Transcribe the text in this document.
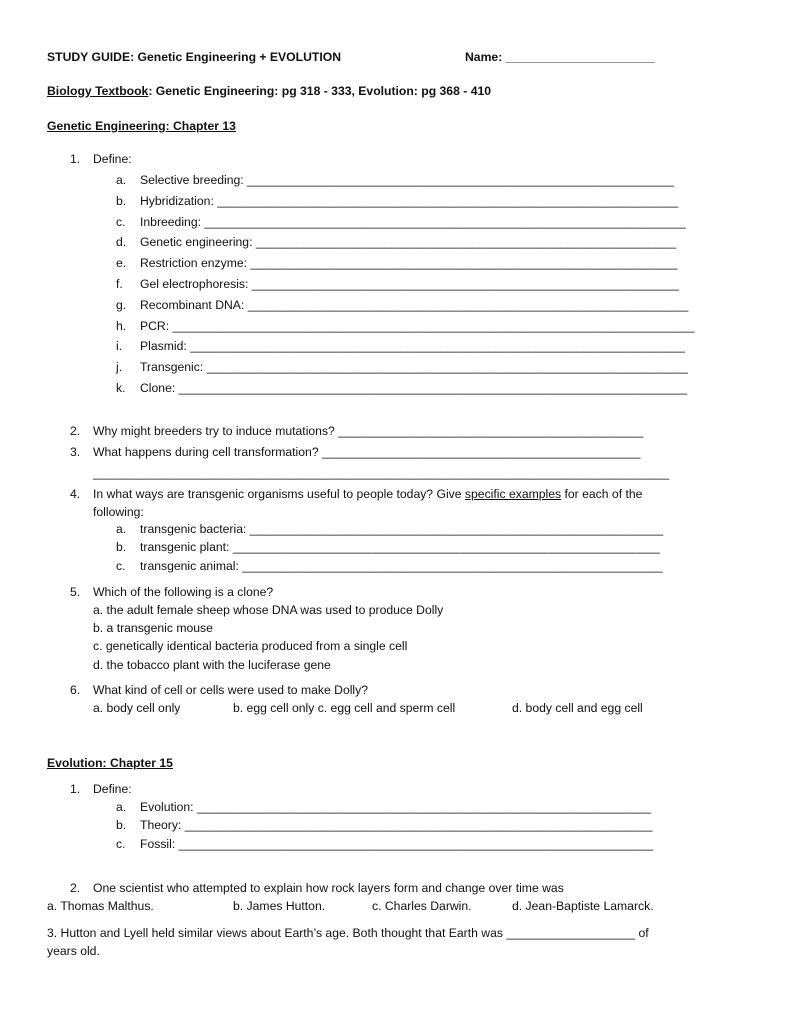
STUDY GUIDE: Genetic Engineering + EVOLUTION	Name: ______________________
Biology Textbook: Genetic Engineering: pg 318 - 333, Evolution: pg 368 - 410
Genetic Engineering: Chapter 13
1. Define:
a. Selective breeding: _______________________________________________________________
b. Hybridization: ____________________________________________________________________
c. Inbreeding: _______________________________________________________________________
d. Genetic engineering: ______________________________________________________________
e. Restriction enzyme: _______________________________________________________________
f. Gel electrophoresis: _______________________________________________________________
g. Recombinant DNA: _________________________________________________________________
h. PCR: _____________________________________________________________________________
i. Plasmid: _________________________________________________________________________
j. Transgenic: _______________________________________________________________________
k. Clone: ___________________________________________________________________________
2. Why might breeders try to induce mutations? _____________________________________________
3. What happens during cell transformation? _______________________________________________
_____________________________________________________________________________________
4. In what ways are transgenic organisms useful to people today? Give specific examples for each of the
following:
a. transgenic bacteria: _____________________________________________________________
b. transgenic plant: _______________________________________________________________
c. transgenic animal: ______________________________________________________________
5. Which of the following is a clone?
a. the adult female sheep whose DNA was used to produce Dolly
b. a transgenic mouse
c. genetically identical bacteria produced from a single cell
d. the tobacco plant with the luciferase gene
6. What kind of cell or cells were used to make Dolly?
a. body cell only	b. egg cell only c. egg cell and sperm cell	d. body cell and egg cell
Evolution: Chapter 15
1. Define:
a. Evolution: ___________________________________________________________________
b. Theory: _____________________________________________________________________
c. Fossil: ______________________________________________________________________
2. One scientist who attempted to explain how rock layers form and change over time was
a. Thomas Malthus.	b. James Hutton.	c. Charles Darwin.	d. Jean-Baptiste Lamarck.
3. Hutton and Lyell held similar views about Earth’s age. Both thought that Earth was ___________________ of
years old.
